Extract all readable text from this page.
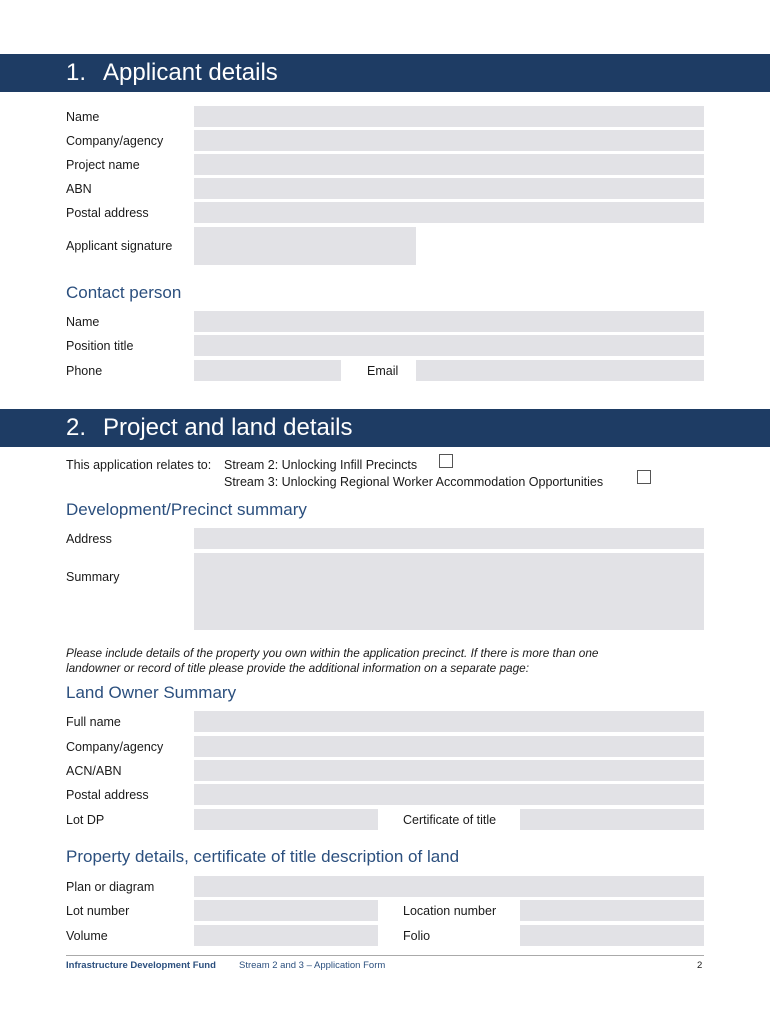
1. Applicant details
Name
Company/agency
Project name
ABN
Postal address
Applicant signature
Contact person
Name
Position title
Phone	Email
2. Project and land details
This application relates to: Stream 2: Unlocking Infill Precincts
Stream 3: Unlocking Regional Worker Accommodation Opportunities
Development/Precinct summary
Address
Summary
Please include details of the property you own within the application precinct. If there is more than one
landowner or record of title please provide the additional information on a separate page:
Land Owner Summary
Full name
Company/agency
ACN/ABN
Postal address
Lot DP	Certificate of title
Property details, certificate of title description of land
Plan or diagram
Lot number	Location number
Volume	Folio
Infrastructure Development Fund Stream 2 and 3 – Application Form	2
